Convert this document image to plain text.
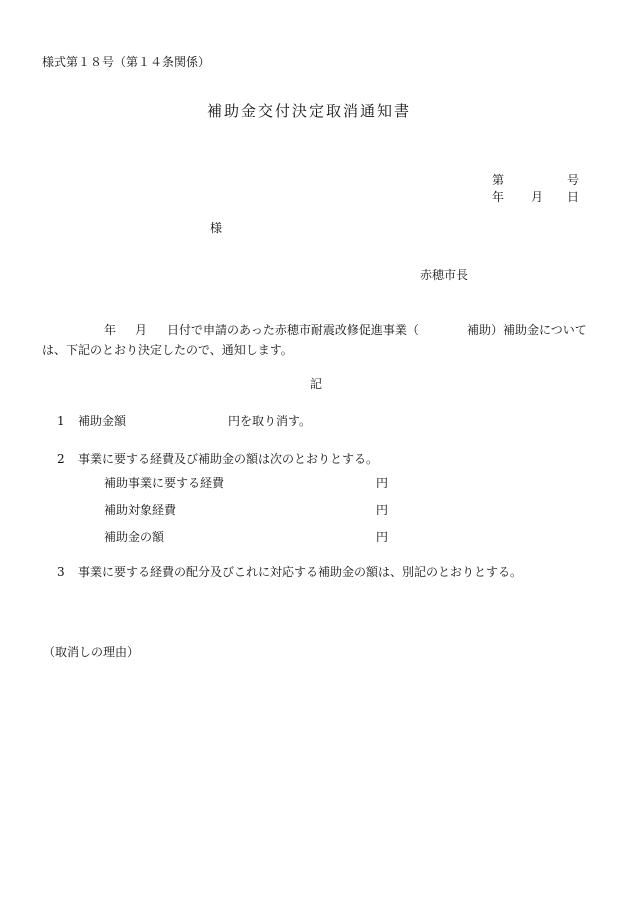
様式第１８号（第１４条関係）
補助金交付決定取消通知書
第	号
年 月 日
様
赤穂市長
年 月 日付で申請のあった赤穂市耐震改修促進事業（	補助）補助金について
は、下記のとおり決定したので、通知します。
記
1 補助金額	円を取り消す。
2 事業に要する経費及び補助金の額は次のとおりとする。
補助事業に要する経費	円
補助対象経費	円
補助金の額	円
3 事業に要する経費の配分及びこれに対応する補助金の額は、別記のとおりとする。
（取消しの理由）
